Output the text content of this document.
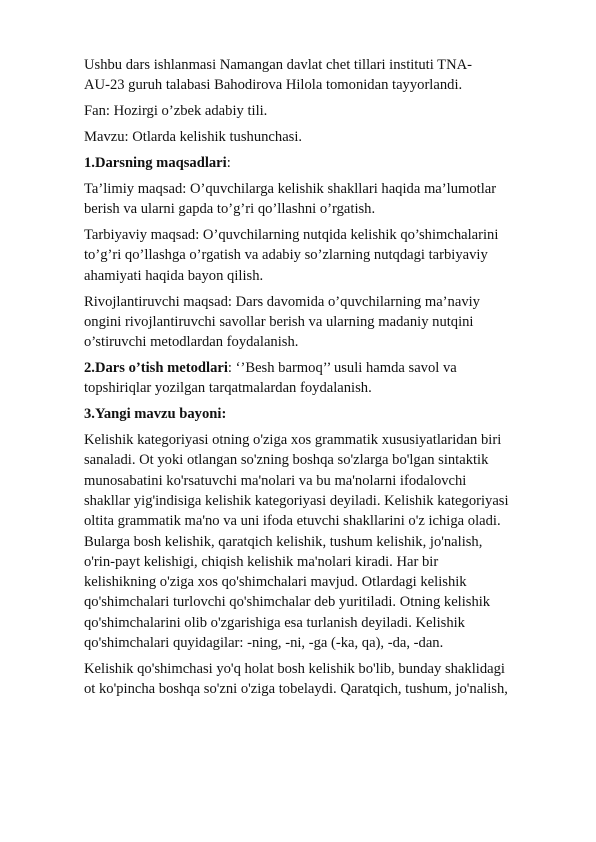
Ushbu dars ishlanmasi Namangan davlat chet tillari instituti TNA-
AU-23 guruh talabasi Bahodirova Hilola tomonidan tayyorlandi.

Fan: Hozirgi o’zbek adabiy tili.

Mavzu: Otlarda kelishik tushunchasi.

1.Darsning maqsadlari:

Ta’limiy maqsad: O’quvchilarga kelishik shakllari haqida ma’lumotlar
berish va ularni gapda to’g’ri qo’llashni o’rgatish.

Tarbiyaviy maqsad: O’quvchilarning nutqida kelishik qo’shimchalarini
to’g’ri qo’llashga o’rgatish va adabiy so’zlarning nutqdagi tarbiyaviy
ahamiyati haqida bayon qilish.

Rivojlantiruvchi maqsad: Dars davomida o’quvchilarning ma’naviy
ongini rivojlantiruvchi savollar berish va ularning madaniy nutqini
o’stiruvchi metodlardan foydalanish.

2.Dars o’tish metodlari: ‘’Besh barmoq’’ usuli hamda savol va
topshiriqlar yozilgan tarqatmalardan foydalanish.

3.Yangi mavzu bayoni:

Kelishik kategoriyasi otning o'ziga xos grammatik xususiyatlaridan biri
sanaladi. Ot yoki otlangan so'zning boshqa so'zlarga bo'lgan sintaktik
munosabatini ko'rsatuvchi ma'nolari va bu ma'nolarni ifodalovchi
shakllar yig'indisiga kelishik kategoriyasi deyiladi. Kelishik kategoriyasi
oltita grammatik ma'no va uni ifoda etuvchi shakllarini o'z ichiga oladi.
Bularga bosh kelishik, qaratqich kelishik, tushum kelishik, jo'nalish,
o'rin-payt kelishigi, chiqish kelishik ma'nolari kiradi. Har bir
kelishikning o'ziga xos qo'shimchalari mavjud. Otlardagi kelishik
qo'shimchalari turlovchi qo'shimchalar deb yuritiladi. Otning kelishik
qo'shimchalarini olib o'zgarishiga esa turlanish deyiladi. Kelishik
qo'shimchalari quyidagilar: -ning, -ni, -ga (-ka, qa), -da, -dan.

Kelishik qo'shimchasi yo'q holat bosh kelishik bo'lib, bunday shaklidagi
ot ko'pincha boshqa so'zni o'ziga tobelaydi. Qaratqich, tushum, jo'nalish,
